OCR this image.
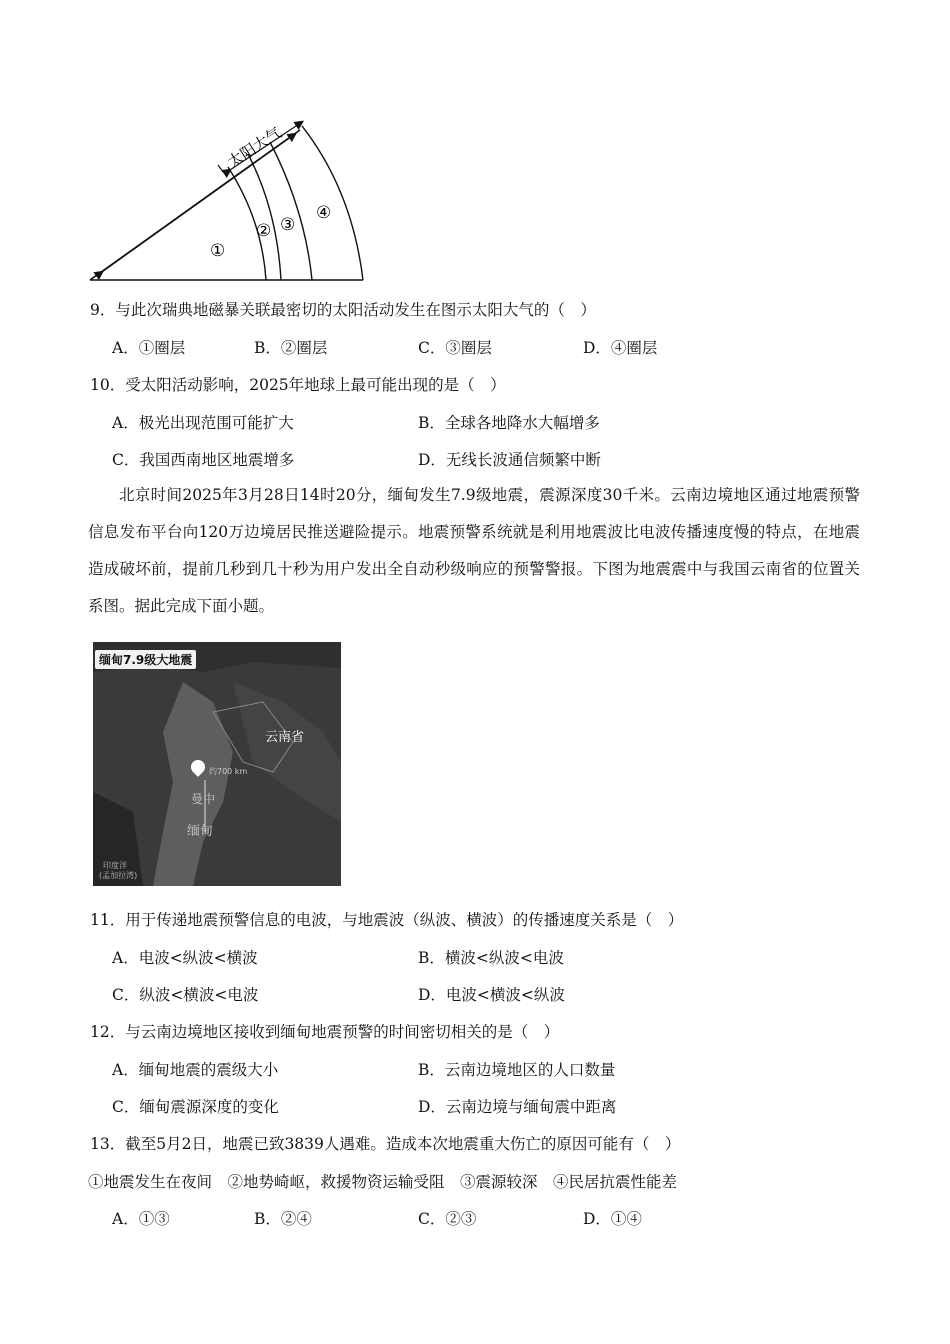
太阳大气
①
② ③
④
9．与此次瑞典地磁暴关联最密切的太阳活动发生在图示太阳大气的（　）
A．①圈层	B．②圈层	C．③圈层	D．④圈层
10．受太阳活动影响，2025年地球上最可能出现的是（　）
A．极光出现范围可能扩大	B．全球各地降水大幅增多
C．我国西南地区地震增多	D．无线长波通信频繁中断

北京时间2025年3月28日14时20分，缅甸发生7.9级地震，震源深度30千米。云南边境地区通过地震预警信息发布平台向120万边境居民推送避险提示。地震预警系统就是利用地震波比电波传播速度慢的特点，在地震造成破坏前，提前几秒到几十秒为用户发出全自动秒级响应的预警警报。下图为地震震中与我国云南省的位置关系图。据此完成下面小题。

缅甸7.9级大地震
云南省
约700 km
曼 中
缅甸
印度洋
(孟加拉湾)
11．用于传递地震预警信息的电波，与地震波（纵波、横波）的传播速度关系是（　）
A．电波<纵波<横波	B．横波<纵波<电波
C．纵波<横波<电波	D．电波<横波<纵波
12．与云南边境地区接收到缅甸地震预警的时间密切相关的是（　）
A．缅甸地震的震级大小	B．云南边境地区的人口数量
C．缅甸震源深度的变化	D．云南边境与缅甸震中距离
13．截至5月2日，地震已致3839人遇难。造成本次地震重大伤亡的原因可能有（　）
①地震发生在夜间　②地势崎岖，救援物资运输受阻　③震源较深　④民居抗震性能差
A．①③	B．②④	C．②③	D．①④
